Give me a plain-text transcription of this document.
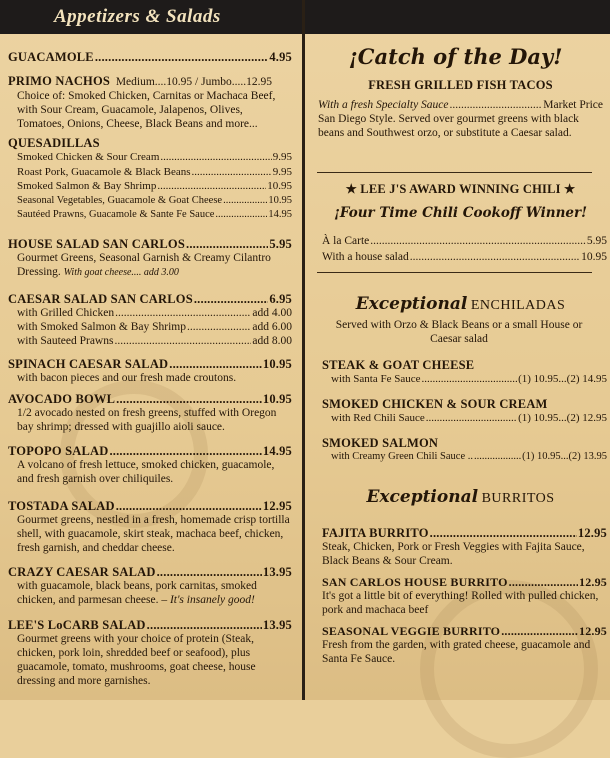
Appetizers & Salads
GUACAMOLE .....	4.95
PRIMO NACHOS Medium....10.95 / Jumbo.....12.95
Choice of: Smoked Chicken, Carnitas or Machaca Beef, with Sour Cream, Guacamole, Jalapenos, Olives, Tomatoes, Onions, Cheese, Black Beans and more...
QUESADILLAS
Smoked Chicken & Sour Cream .....	9.95
Roast Pork, Guacamole & Black Beans .....	9.95
Smoked Salmon & Bay Shrimp .....	10.95
Seasonal Vegetables, Guacamole & Goat Cheese .....	10.95
Sautéed Prawns, Guacamole & Sante Fe Sauce .....	14.95
HOUSE SALAD SAN CARLOS .....	5.95
Gourmet Greens, Seasonal Garnish & Creamy Cilantro Dressing. With goat cheese.... add 3.00
CAESAR SALAD SAN CARLOS .....	6.95
with Grilled Chicken .....	add 4.00
with Smoked Salmon & Bay Shrimp .....	add 6.00
with Sauteed Prawns .....	add 8.00
SPINACH CAESAR SALAD .....	10.95
with bacon pieces and our fresh made croutons.
AVOCADO BOWL .....	10.95
1/2 avocado nested on fresh greens, stuffed with Oregon bay shrimp; dressed with guajillo aioli sauce.
TOPOPO SALAD .....	14.95
A volcano of fresh lettuce, smoked chicken, guacamole, and fresh garnish over chiliquiles.
TOSTADA SALAD .....	12.95
Gourmet greens, nestled in a fresh, homemade crisp tortilla shell, with guacamole, skirt steak, machaca beef, chicken, fresh garnish, and cheddar cheese.
CRAZY CAESAR SALAD .....	13.95
with guacamole, black beans, pork carnitas, smoked chicken, and parmesan cheese. – It's insanely good!
LEE'S LoCARB SALAD .....	13.95
Gourmet greens with your choice of protein (Steak, chicken, pork loin, shredded beef or seafood), plus guacamole, tomato, mushrooms, goat cheese, house dressing and more garnishes.
¡Catch of the Day!
FRESH GRILLED FISH TACOS
With a fresh Specialty Sauce .....	Market Price
San Diego Style. Served over gourmet greens with black beans and Southwest orzo, or substitute a Caesar salad.
★ LEE J'S AWARD WINNING CHILI ★
¡Four Time Chili Cookoff Winner!
À la Carte .....	5.95
With a house salad .....	10.95
Exceptional ENCHILADAS
Served with Orzo & Black Beans or a small House or Caesar salad
STEAK & GOAT CHEESE
with Santa Fe Sauce .....	(1) 10.95...(2) 14.95
SMOKED CHICKEN & SOUR CREAM
with Red Chili Sauce .....	(1) 10.95...(2) 12.95
SMOKED SALMON
with Creamy Green Chili Sauce .. .....	(1) 10.95...(2) 13.95
Exceptional BURRITOS
FAJITA BURRITO .....	12.95
Steak, Chicken, Pork or Fresh Veggies with Fajita Sauce, Black Beans & Sour Cream.
SAN CARLOS HOUSE BURRITO .....	12.95
It's got a little bit of everything! Rolled with pulled chicken, pork and machaca beef
SEASONAL VEGGIE BURRITO .....	12.95
Fresh from the garden, with grated cheese, guacamole and Santa Fe Sauce.
